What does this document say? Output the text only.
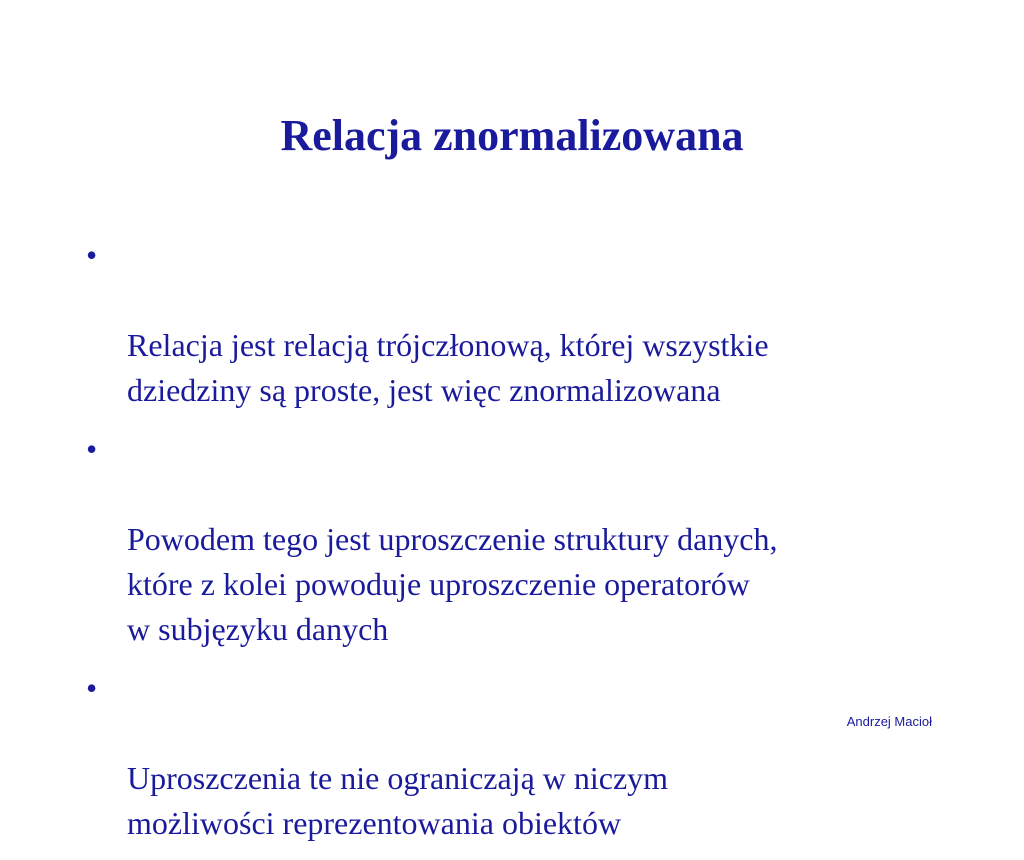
Relacja znormalizowana

•

Relacja jest relacją trójczłonową, której wszystkie
dziedziny są proste, jest więc znormalizowana

•

Powodem tego jest uproszczenie struktury danych,
które z kolei powoduje uproszczenie operatorów
w subjęzyku danych

•

Uproszczenia te nie ograniczają w niczym
możliwości reprezentowania obiektów

Andrzej Macioł
